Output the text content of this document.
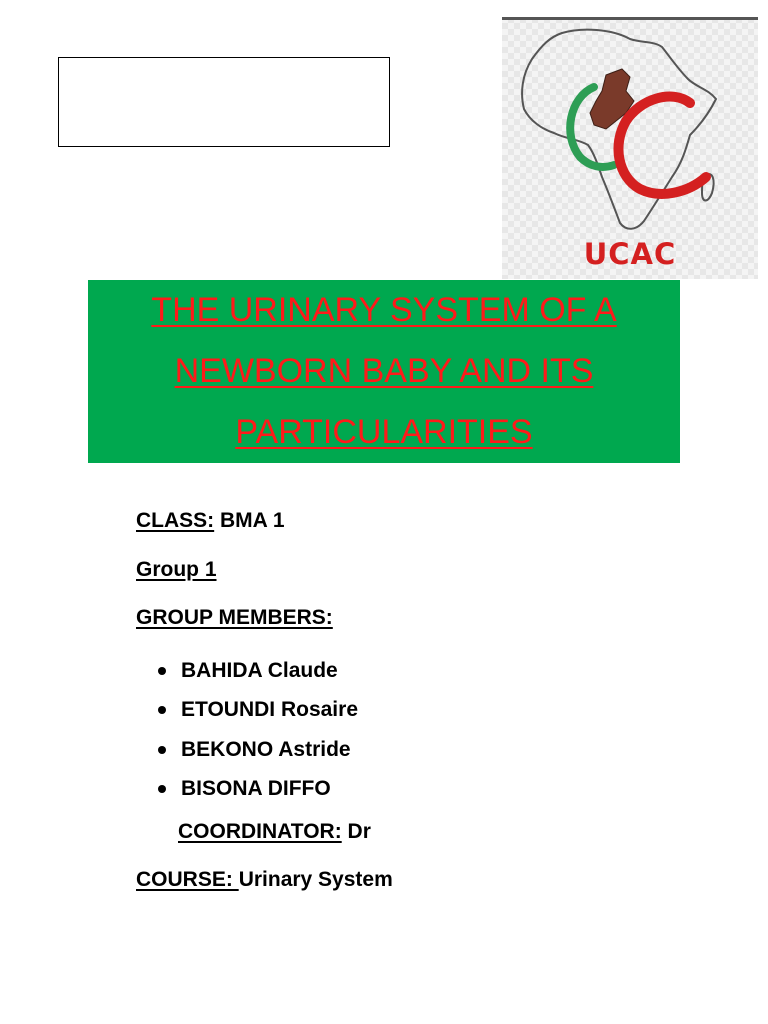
UCAC
THE URINARY SYSTEM OF A
NEWBORN BABY AND ITS
PARTICULARITIES
CLASS: BMA 1
Group 1
GROUP MEMBERS:
BAHIDA Claude
ETOUNDI Rosaire
BEKONO Astride
BISONA DIFFO
COORDINATOR: Dr
COURSE: Urinary System
